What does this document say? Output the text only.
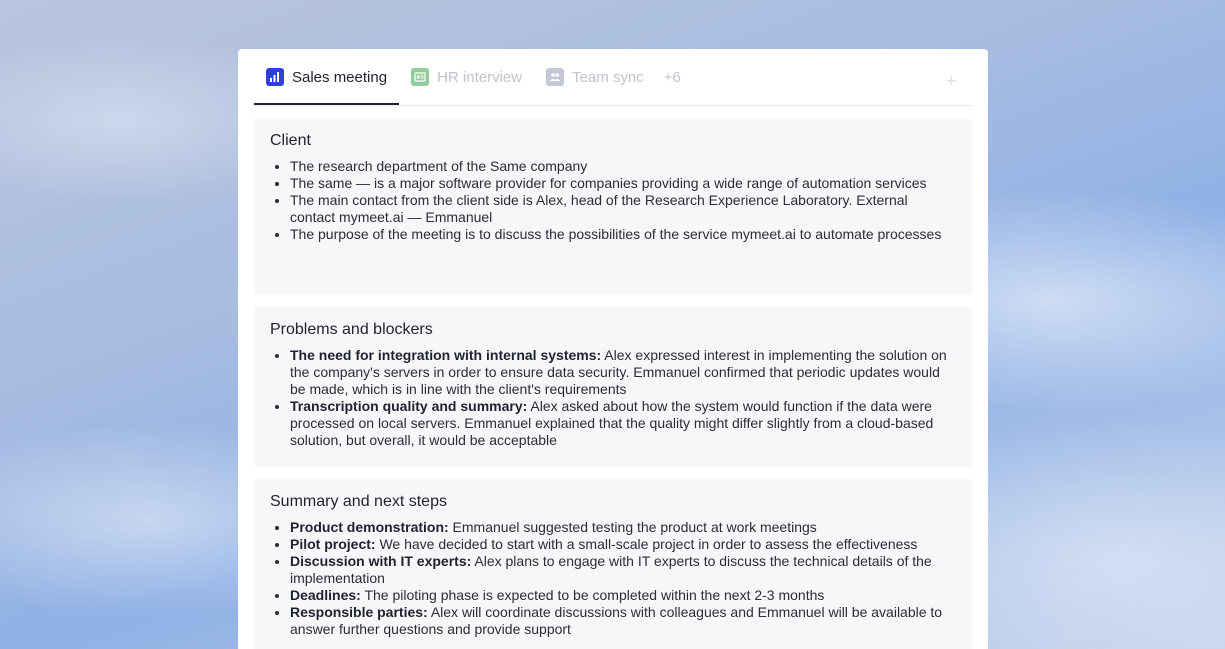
Sales meeting	HR interview	Team sync	+6	+
Client
• The research department of the Same company
• The same — is a major software provider for companies providing a wide range of automation services
• The main contact from the client side is Alex, head of the Research Experience Laboratory. External contact mymeet.ai — Emmanuel
• The purpose of the meeting is to discuss the possibilities of the service mymeet.ai to automate processes
Problems and blockers
• The need for integration with internal systems: Alex expressed interest in implementing the solution on the company's servers in order to ensure data security. Emmanuel confirmed that periodic updates would be made, which is in line with the client's requirements
• Transcription quality and summary: Alex asked about how the system would function if the data were processed on local servers. Emmanuel explained that the quality might differ slightly from a cloud-based solution, but overall, it would be acceptable
Summary and next steps
• Product demonstration: Emmanuel suggested testing the product at work meetings
• Pilot project: We have decided to start with a small-scale project in order to assess the effectiveness
• Discussion with IT experts: Alex plans to engage with IT experts to discuss the technical details of the implementation
• Deadlines: The piloting phase is expected to be completed within the next 2-3 months
• Responsible parties: Alex will coordinate discussions with colleagues and Emmanuel will be available to answer further questions and provide support
